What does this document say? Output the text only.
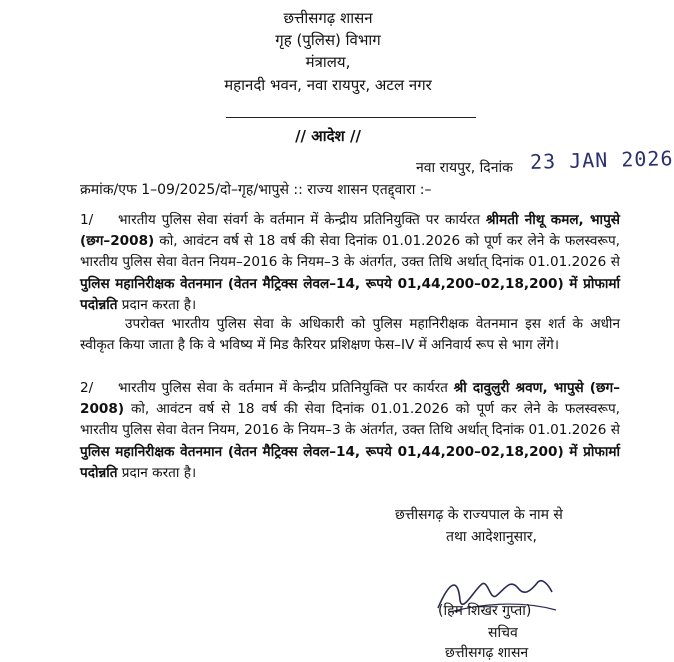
छत्तीसगढ़ शासन
गृह (पुलिस) विभाग
मंत्रालय,
महानदी भवन, नवा रायपुर, अटल नगर
// आदेश //
नवा रायपुर, दिनांक 23 JAN 2026
क्रमांक/एफ 1–09/2025/दो–गृह/भापुसे :: राज्य शासन एतद्द्वारा :–

1/ भारतीय पुलिस सेवा संवर्ग के वर्तमान में केन्द्रीय प्रतिनियुक्ति पर कार्यरत श्रीमती नीथू कमल, भापुसे (छग–2008) को, आवंटन वर्ष से 18 वर्ष की सेवा दिनांक 01.01.2026 को पूर्ण कर लेने के फलस्वरूप, भारतीय पुलिस सेवा वेतन नियम–2016 के नियम–3 के अंतर्गत, उक्त तिथि अर्थात् दिनांक 01.01.2026 से पुलिस महानिरीक्षक वेतनमान (वेतन मैट्रिक्स लेवल–14, रूपये 01,44,200–02,18,200) में प्रोफार्मा पदोन्नति प्रदान करता है।

उपरोक्त भारतीय पुलिस सेवा के अधिकारी को पुलिस महानिरीक्षक वेतनमान इस शर्त के अधीन स्वीकृत किया जाता है कि वे भविष्य में मिड कैरियर प्रशिक्षण फेस–IV में अनिवार्य रूप से भाग लेंगे।

2/ भारतीय पुलिस सेवा के वर्तमान में केन्द्रीय प्रतिनियुक्ति पर कार्यरत श्री दावुलुरी श्रवण, भापुसे (छग–2008) को, आवंटन वर्ष से 18 वर्ष की सेवा दिनांक 01.01.2026 को पूर्ण कर लेने के फलस्वरूप, भारतीय पुलिस सेवा वेतन नियम, 2016 के नियम–3 के अंतर्गत, उक्त तिथि अर्थात् दिनांक 01.01.2026 से पुलिस महानिरीक्षक वेतनमान (वेतन मैट्रिक्स लेवल–14, रूपये 01,44,200–02,18,200) में प्रोफार्मा पदोन्नति प्रदान करता है।

छत्तीसगढ़ के राज्यपाल के नाम से
तथा आदेशानुसार,
(हिम शिखर गुप्ता)
सचिव
छत्तीसगढ़ शासन
